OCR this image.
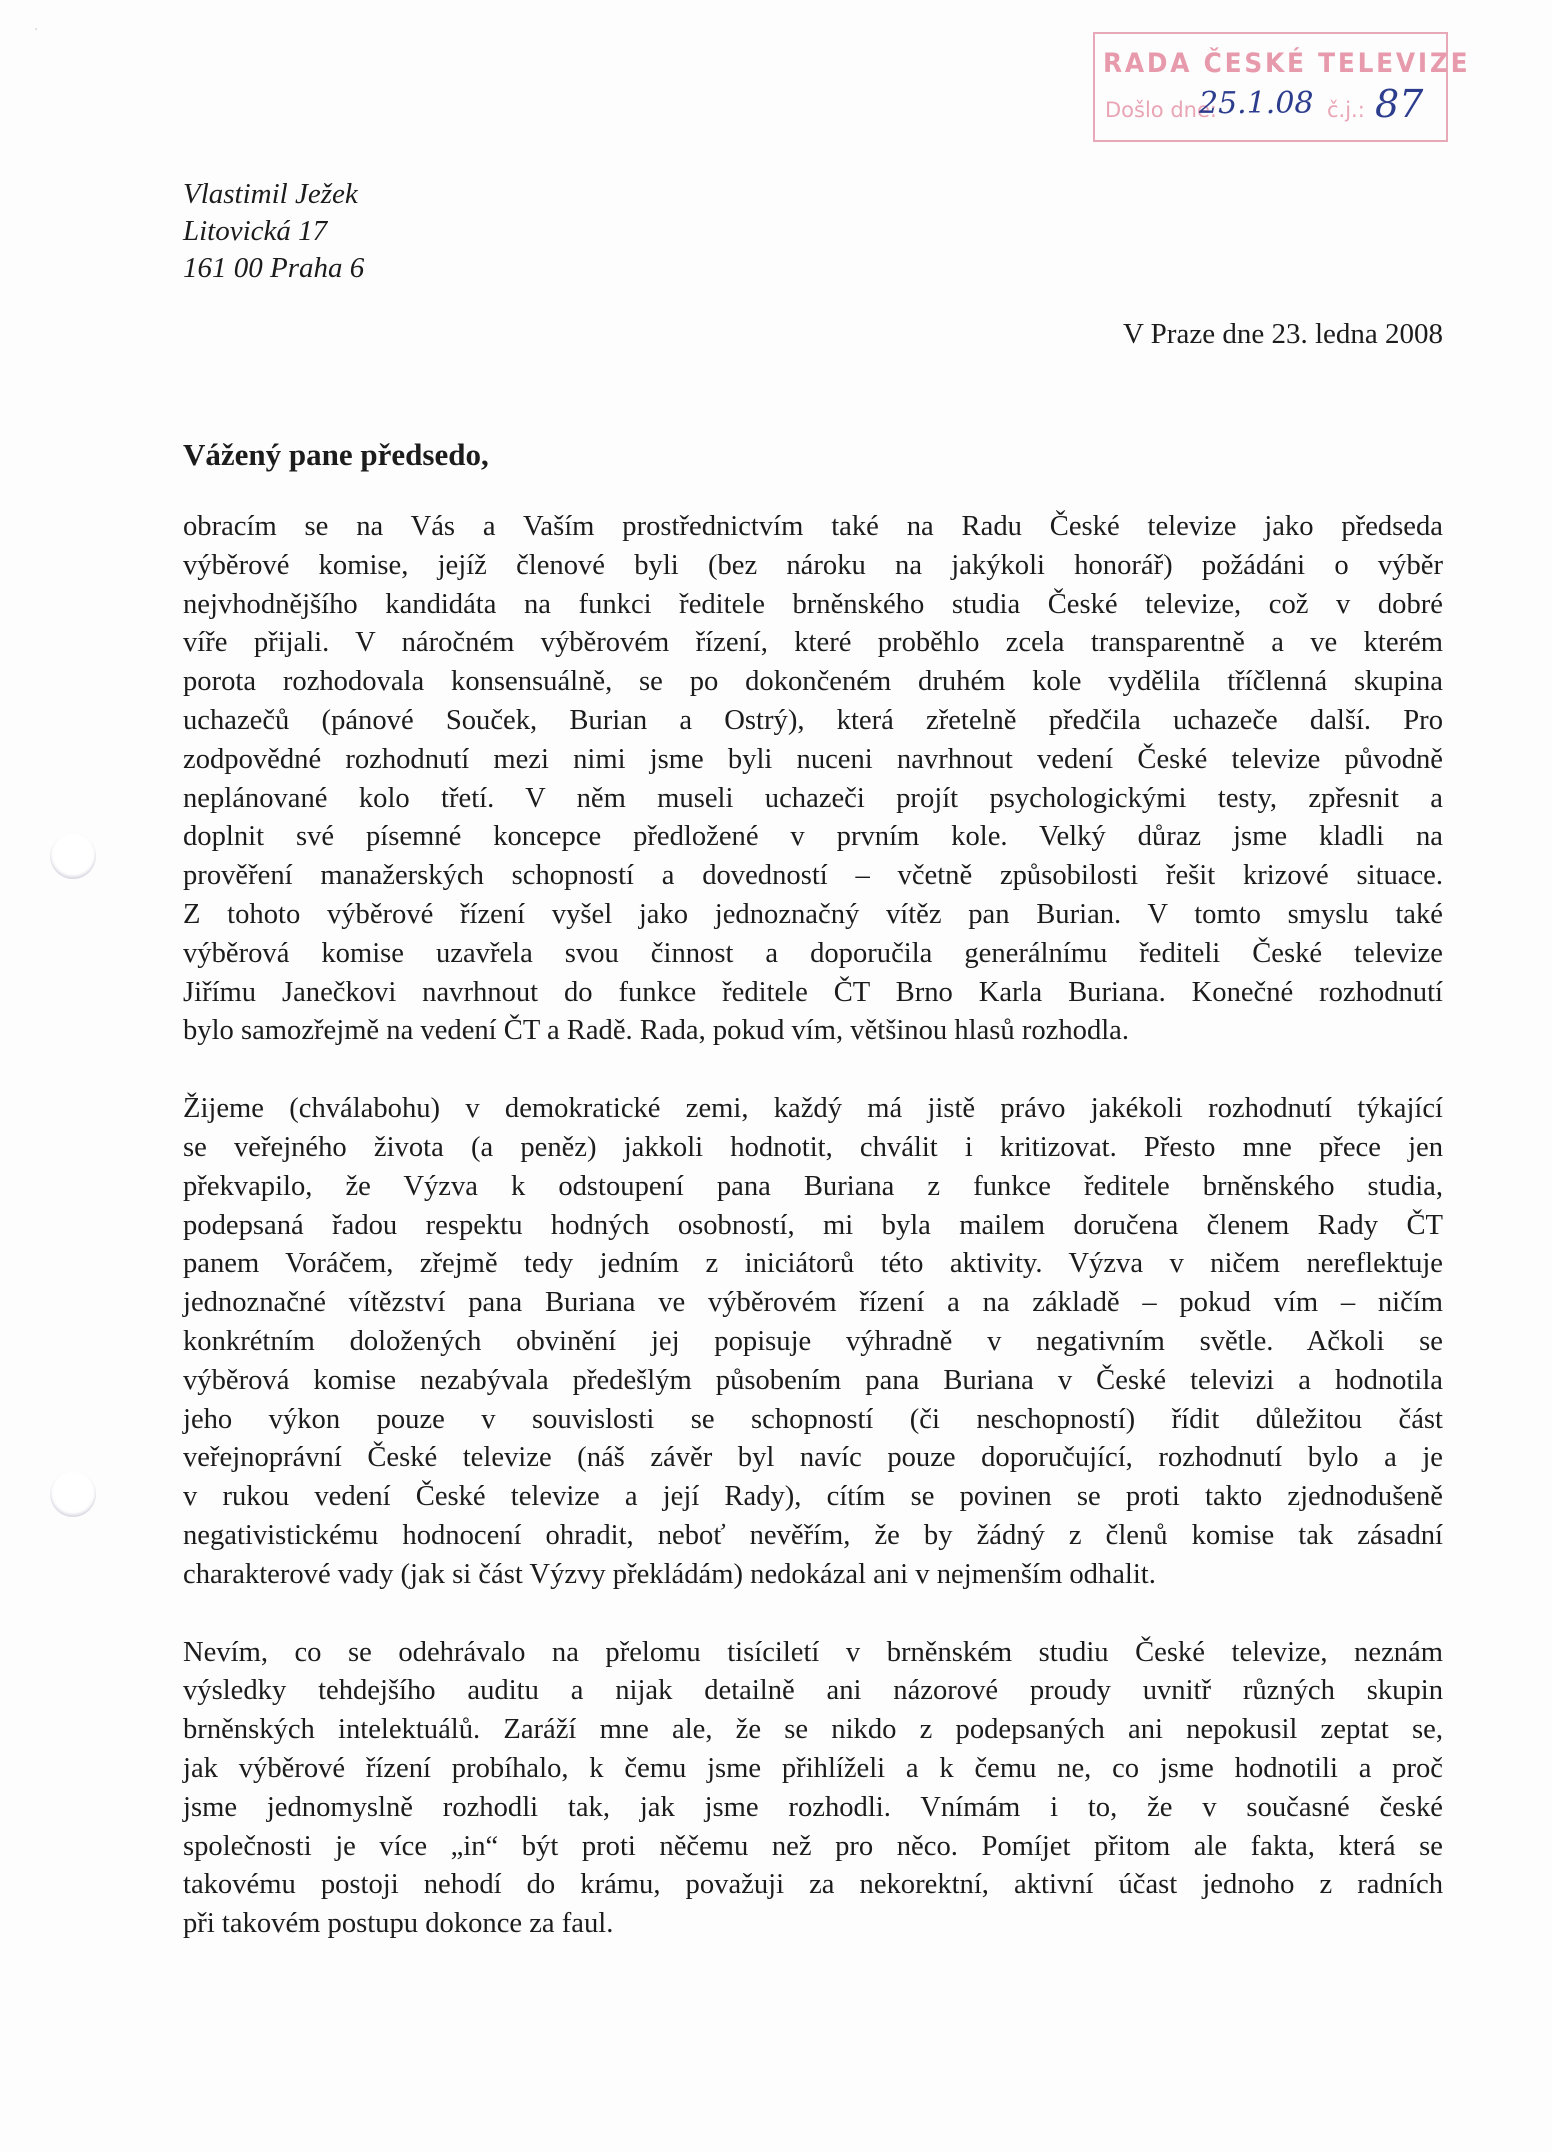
·
RADA ČESKÉ TELEVIZE
Došlo dne:
25.1.08 č.j.: 87
Vlastimil Ježek
Litovická 17
161 00 Praha 6
V Praze dne 23. ledna 2008
Vážený pane předsedo,
obracím se na Vás a Vaším prostřednictvím také na Radu České televize jako předseda
výběrové komise, jejíž členové byli (bez nároku na jakýkoli honorář) požádáni o výběr
nejvhodnějšího kandidáta na funkci ředitele brněnského studia České televize, což v dobré
víře přijali. V náročném výběrovém řízení, které proběhlo zcela transparentně a ve kterém
porota rozhodovala konsensuálně, se po dokončeném druhém kole vydělila tříčlenná skupina
uchazečů (pánové Souček, Burian a Ostrý), která zřetelně předčila uchazeče další. Pro
zodpovědné rozhodnutí mezi nimi jsme byli nuceni navrhnout vedení České televize původně
neplánované kolo třetí. V něm museli uchazeči projít psychologickými testy, zpřesnit a
doplnit své písemné koncepce předložené v prvním kole. Velký důraz jsme kladli na
prověření manažerských schopností a dovedností – včetně způsobilosti řešit krizové situace.
Z tohoto výběrové řízení vyšel jako jednoznačný vítěz pan Burian. V tomto smyslu také
výběrová komise uzavřela svou činnost a doporučila generálnímu řediteli České televize
Jiřímu Janečkovi navrhnout do funkce ředitele ČT Brno Karla Buriana. Konečné rozhodnutí
bylo samozřejmě na vedení ČT a Radě. Rada, pokud vím, většinou hlasů rozhodla.
Žijeme (chválabohu) v demokratické zemi, každý má jistě právo jakékoli rozhodnutí týkající
se veřejného života (a peněz) jakkoli hodnotit, chválit i kritizovat. Přesto mne přece jen
překvapilo, že Výzva k odstoupení pana Buriana z funkce ředitele brněnského studia,
podepsaná řadou respektu hodných osobností, mi byla mailem doručena členem Rady ČT
panem Voráčem, zřejmě tedy jedním z iniciátorů této aktivity. Výzva v ničem nereflektuje
jednoznačné vítězství pana Buriana ve výběrovém řízení a na základě – pokud vím – ničím
konkrétním doložených obvinění jej popisuje výhradně v negativním světle. Ačkoli se
výběrová komise nezabývala předešlým působením pana Buriana v České televizi a hodnotila
jeho výkon pouze v souvislosti se schopností (či neschopností) řídit důležitou část
veřejnoprávní České televize (náš závěr byl navíc pouze doporučující, rozhodnutí bylo a je
v rukou vedení České televize a její Rady), cítím se povinen se proti takto zjednodušeně
negativistickému hodnocení ohradit, neboť nevěřím, že by žádný z členů komise tak zásadní
charakterové vady (jak si část Výzvy překládám) nedokázal ani v nejmenším odhalit.
Nevím, co se odehrávalo na přelomu tisíciletí v brněnském studiu České televize, neznám
výsledky tehdejšího auditu a nijak detailně ani názorové proudy uvnitř různých skupin
brněnských intelektuálů. Zaráží mne ale, že se nikdo z podepsaných ani nepokusil zeptat se,
jak výběrové řízení probíhalo, k čemu jsme přihlíželi a k čemu ne, co jsme hodnotili a proč
jsme jednomyslně rozhodli tak, jak jsme rozhodli. Vnímám i to, že v současné české
společnosti je více „in“ být proti něčemu než pro něco. Pomíjet přitom ale fakta, která se
takovému postoji nehodí do krámu, považuji za nekorektní, aktivní účast jednoho z radních
při takovém postupu dokonce za faul.
